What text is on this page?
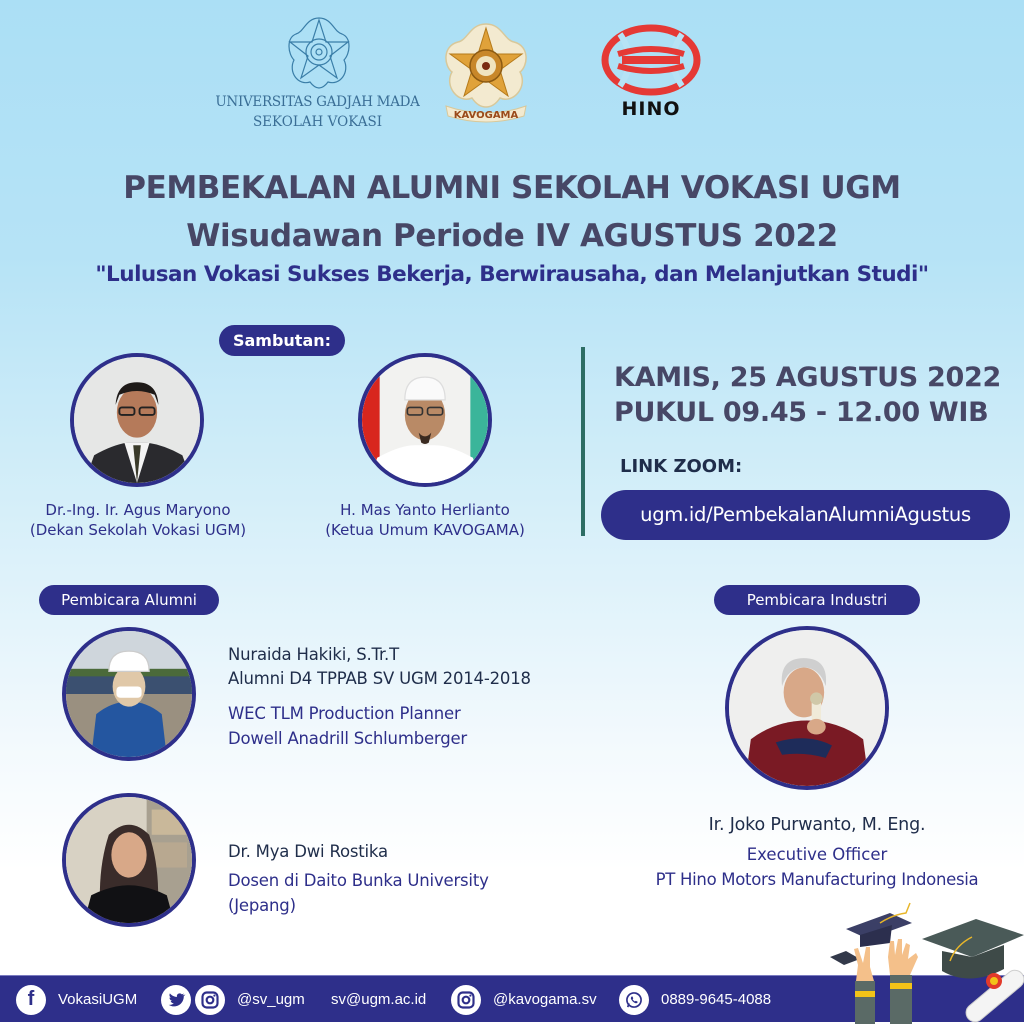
UNIVERSITAS GADJAH MADA
SEKOLAH VOKASI	KAVOGAMA	HINO
PEMBEKALAN ALUMNI SEKOLAH VOKASI UGM
Wisudawan Periode IV AGUSTUS 2022
"Lulusan Vokasi Sukses Bekerja, Berwirausaha, dan Melanjutkan Studi"
Sambutan:
Dr.-Ing. Ir. Agus Maryono
(Dekan Sekolah Vokasi UGM)
H. Mas Yanto Herlianto
(Ketua Umum KAVOGAMA)
KAMIS, 25 AGUSTUS 2022
PUKUL 09.45 - 12.00 WIB
LINK ZOOM:
ugm.id/PembekalanAlumniAgustus
Pembicara Alumni
Nuraida Hakiki, S.Tr.T
Alumni D4 TPPAB SV UGM 2014-2018
WEC TLM Production Planner
Dowell Anadrill Schlumberger
Dr. Mya Dwi Rostika
Dosen di Daito Bunka University
(Jepang)
Pembicara Industri
Ir. Joko Purwanto, M. Eng.
Executive Officer
PT Hino Motors Manufacturing Indonesia
f	VokasiUGM	@sv_ugm sv@ugm.ac.id	@kavogama.sv	0889-9645-4088
